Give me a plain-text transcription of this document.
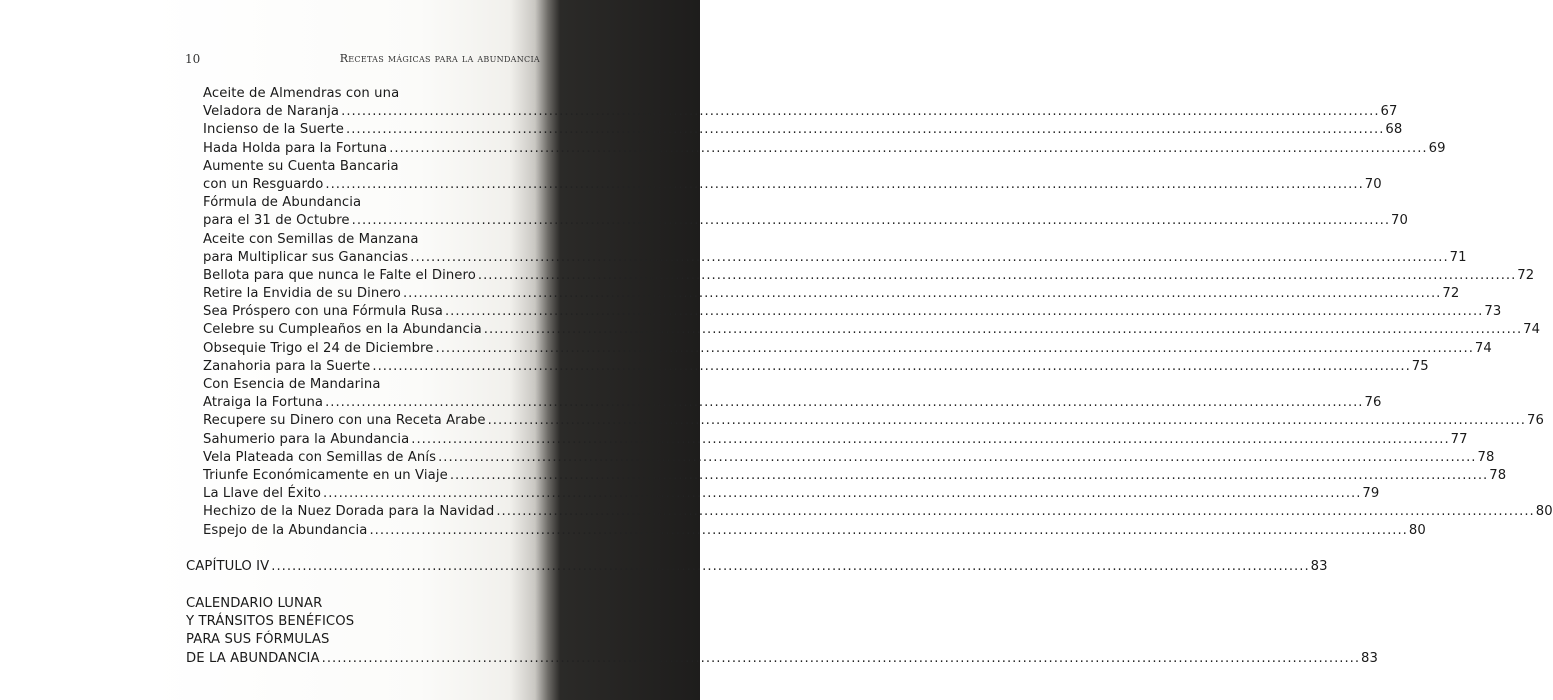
10	Recetas mágicas para la abundancia
Aceite de Almendras con una
Veladora de Naranja ........................................................................................................................................................................................................ 67
Incienso de la Suerte ........................................................................................................................................................................................................ 68
Hada Holda para la Fortuna ........................................................................................................................................................................................................ 69
Aumente su Cuenta Bancaria
con un Resguardo ........................................................................................................................................................................................................ 70
Fórmula de Abundancia
para el 31 de Octubre ........................................................................................................................................................................................................ 70
Aceite con Semillas de Manzana
para Multiplicar sus Ganancias ........................................................................................................................................................................................................ 71
Bellota para que nunca le Falte el Dinero ........................................................................................................................................................................................................ 72
Retire la Envidia de su Dinero ........................................................................................................................................................................................................ 72
Sea Próspero con una Fórmula Rusa ........................................................................................................................................................................................................ 73
Celebre su Cumpleaños en la Abundancia ........................................................................................................................................................................................................ 74
Obsequie Trigo el 24 de Diciembre ........................................................................................................................................................................................................ 74
Zanahoria para la Suerte ........................................................................................................................................................................................................ 75
Con Esencia de Mandarina
Atraiga la Fortuna ........................................................................................................................................................................................................ 76
Recupere su Dinero con una Receta Arabe ........................................................................................................................................................................................................ 76
Sahumerio para la Abundancia ........................................................................................................................................................................................................ 77
Vela Plateada con Semillas de Anís ........................................................................................................................................................................................................ 78
Triunfe Económicamente en un Viaje ........................................................................................................................................................................................................ 78
La Llave del Éxito ........................................................................................................................................................................................................ 79
Hechizo de la Nuez Dorada para la Navidad ........................................................................................................................................................................................................ 80
Espejo de la Abundancia ........................................................................................................................................................................................................ 80
CAPÍTULO IV ........................................................................................................................................................................................................ 83
CALENDARIO LUNAR
Y TRÁNSITOS BENÉFICOS
PARA SUS FÓRMULAS
DE LA ABUNDANCIA ........................................................................................................................................................................................................ 83
